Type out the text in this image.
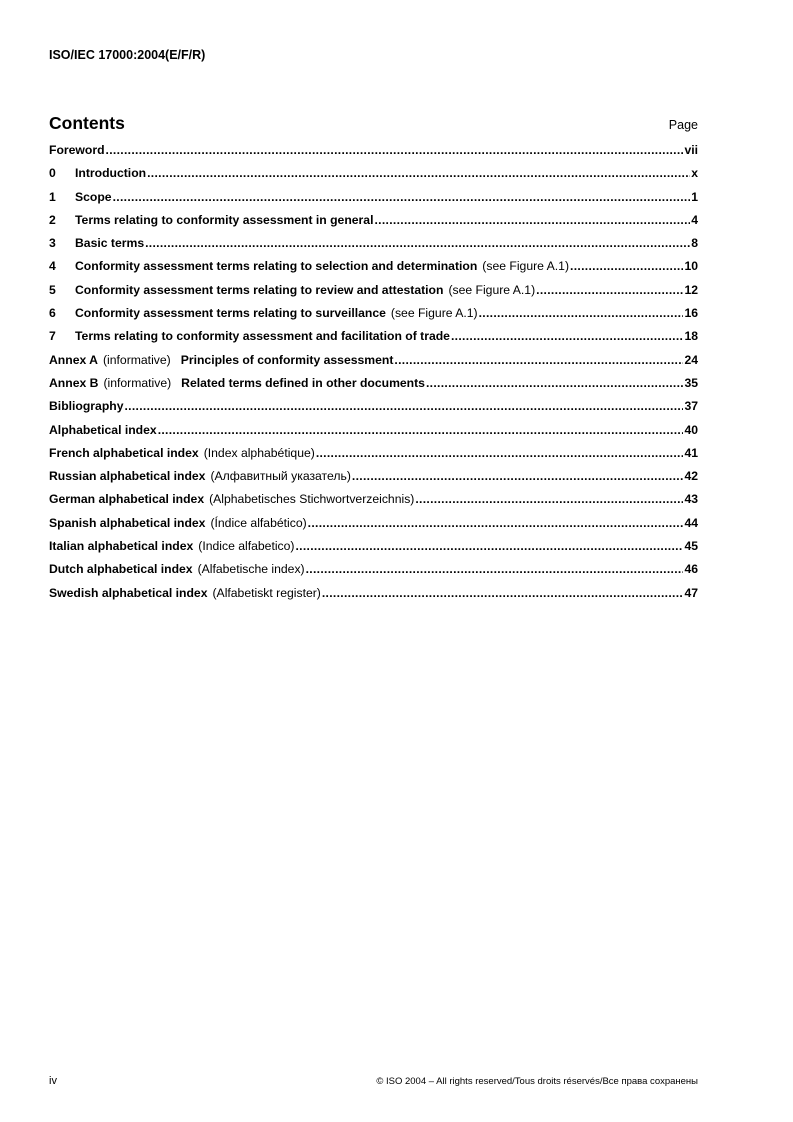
ISO/IEC 17000:2004(E/F/R)
Contents	Page
Foreword .....	vii
0	Introduction .....	x
1	Scope .....	1
2	Terms relating to conformity assessment in general .....	4
3	Basic terms .....	8
4	Conformity assessment terms relating to selection and determination (see Figure A.1) .....	10
5	Conformity assessment terms relating to review and attestation (see Figure A.1) .....	12
6	Conformity assessment terms relating to surveillance (see Figure A.1) .....	16
7	Terms relating to conformity assessment and facilitation of trade .....	18
Annex A (informative) Principles of conformity assessment .....	24
Annex B (informative) Related terms defined in other documents .....	35
Bibliography .....	37
Alphabetical index .....	40
French alphabetical index (Index alphabétique) .....	41
Russian alphabetical index (Алфавитный указатель) .....	42
German alphabetical index (Alphabetisches Stichwortverzeichnis) .....	43
Spanish alphabetical index (Índice alfabético) .....	44
Italian alphabetical index (Indice alfabetico) .....	45
Dutch alphabetical index (Alfabetische index) .....	46
Swedish alphabetical index (Alfabetiskt register) .....	47
iv	© ISO 2004 – All rights reserved/Tous droits réservés/Все права сохранены
